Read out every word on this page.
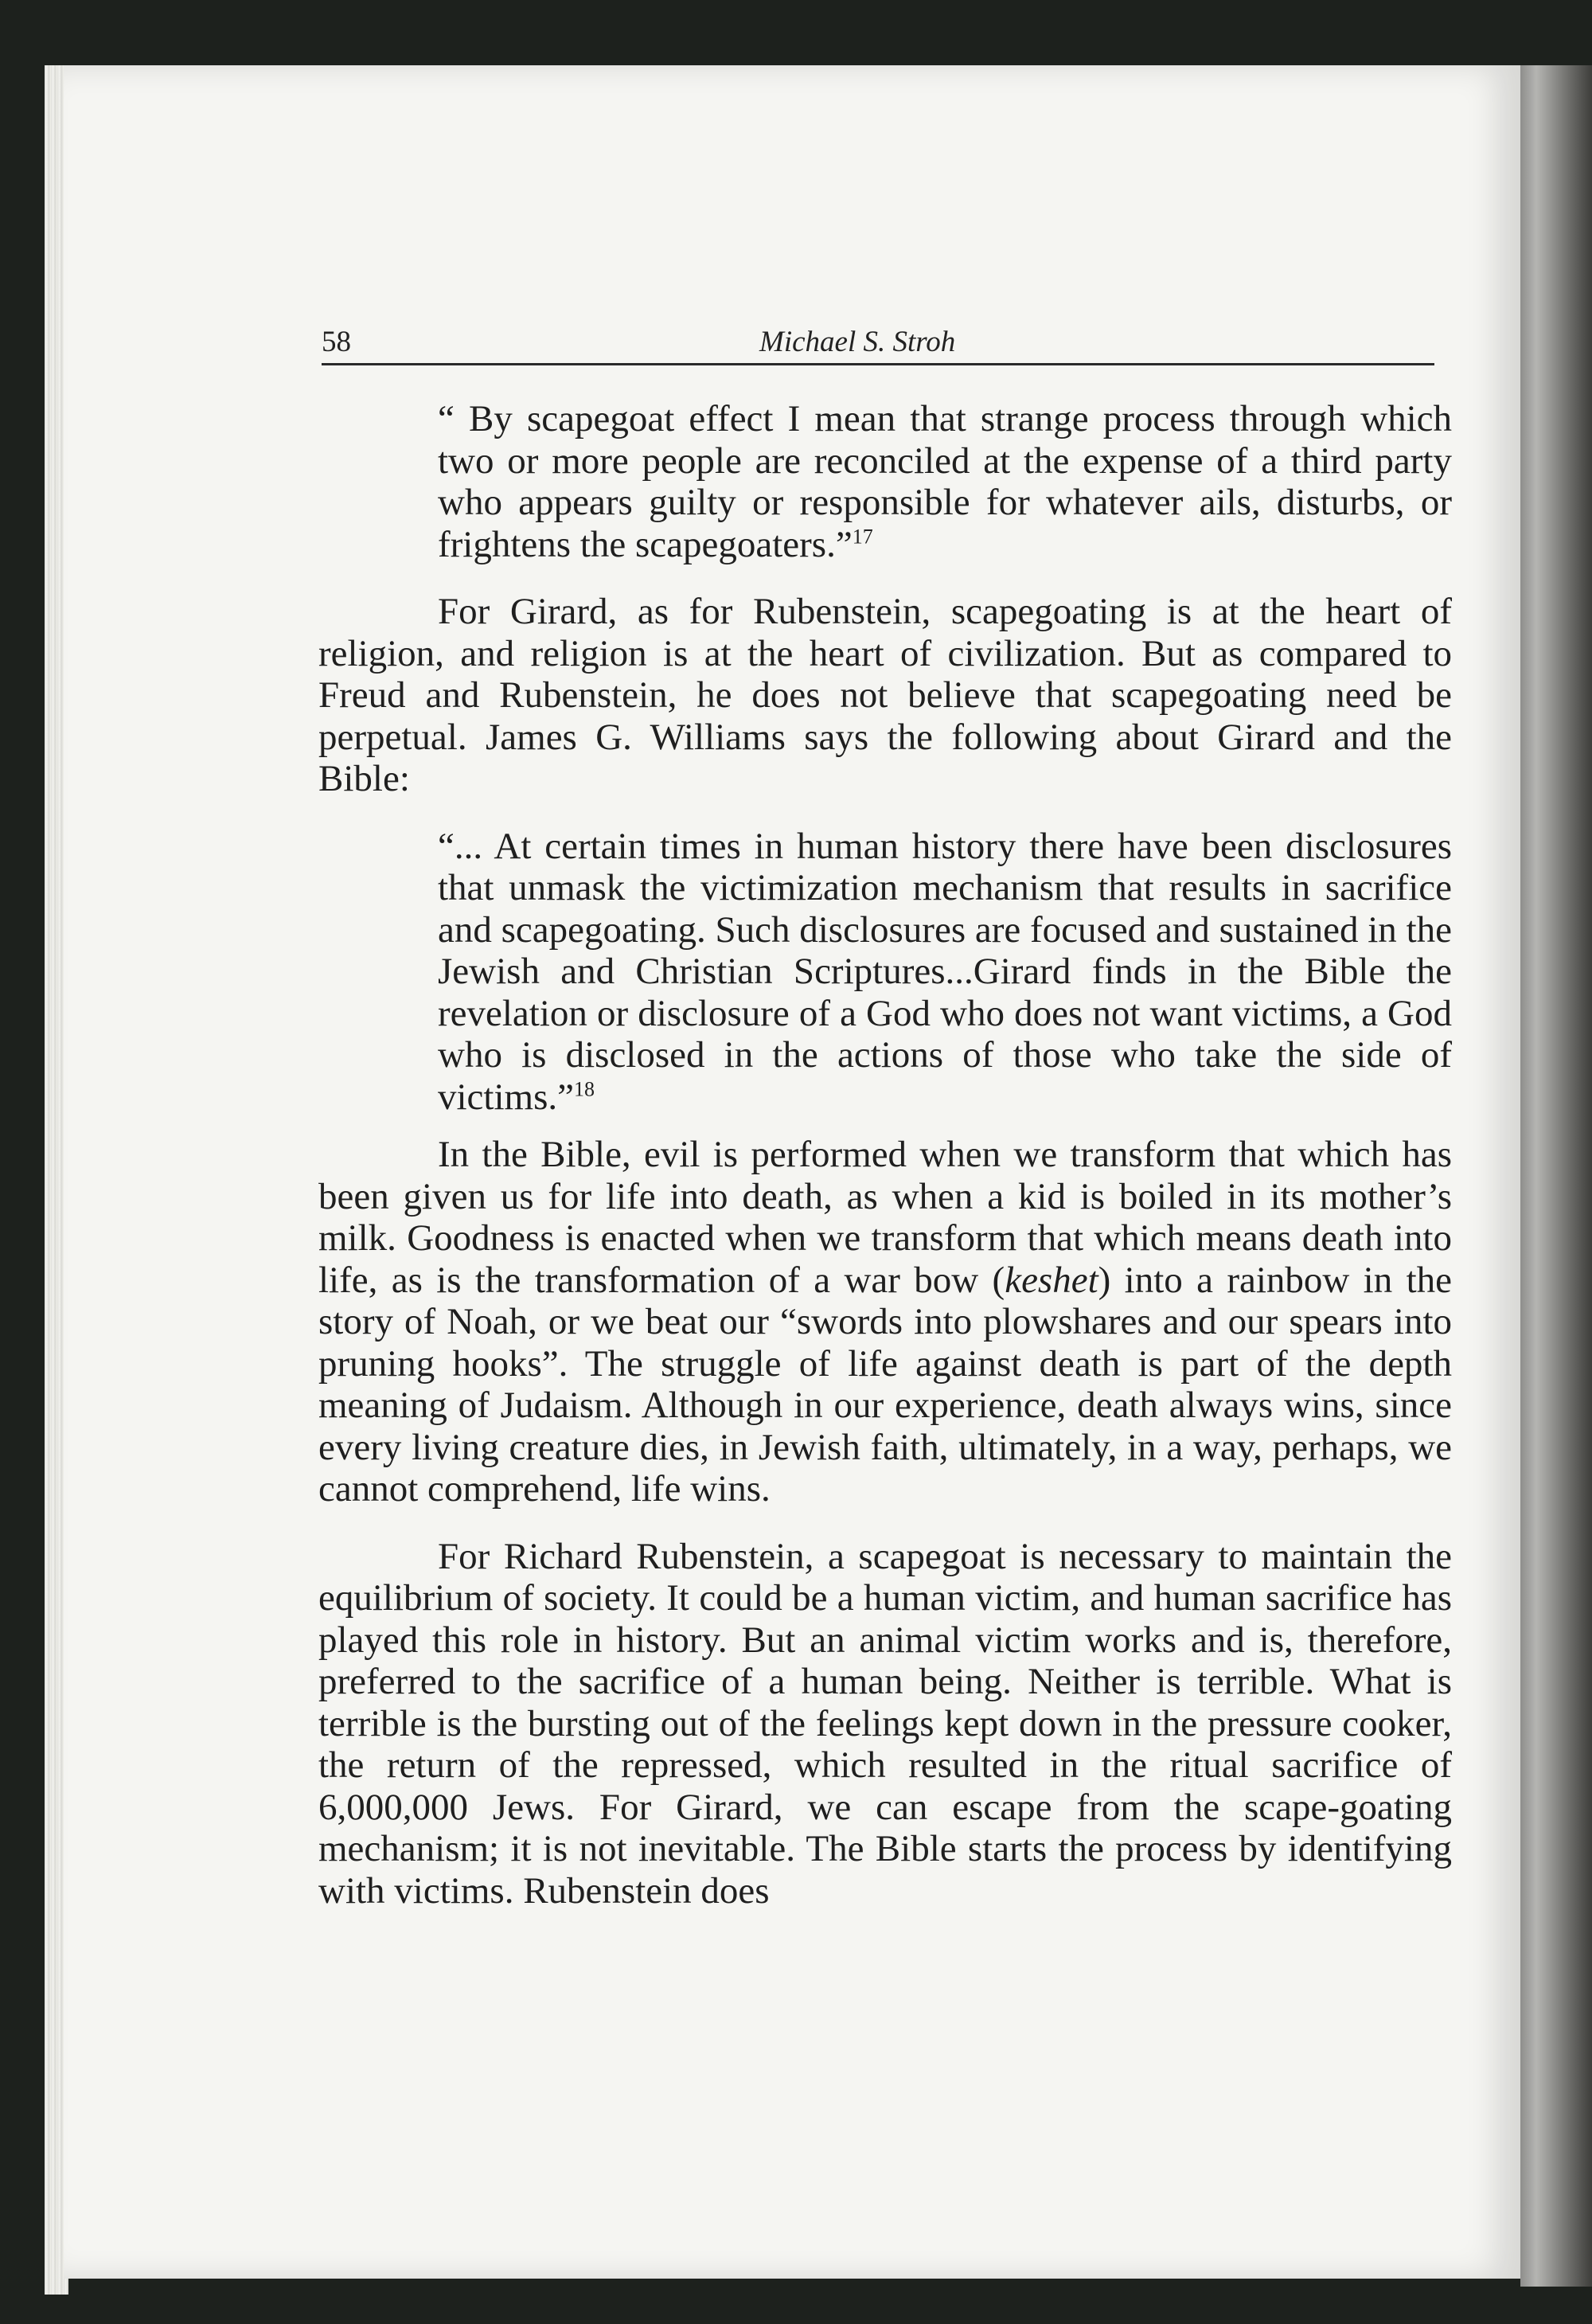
58	Michael S. Stroh

“ By scapegoat effect I mean that strange process through which two or more people are reconciled at the expense of a third party who appears guilty or responsible for whatever ails, disturbs, or frightens the scapegoaters.”$^{17}$

For Girard, as for Rubenstein, scapegoating is at the heart of religion, and religion is at the heart of civilization. But as compared to Freud and Rubenstein, he does not believe that scapegoating need be perpetual. James G. Williams says the following about Girard and the Bible:

“... At certain times in human history there have been disclosures that unmask the victimization mechanism that results in sacrifice and scapegoating. Such disclosures are focused and sustained in the Jewish and Christian Scriptures...Girard finds in the Bible the revelation or disclosure of a God who does not want victims, a God who is disclosed in the actions of those who take the side of victims.”$^{18}$

In the Bible, evil is performed when we transform that which has been given us for life into death, as when a kid is boiled in its mother’s milk. Goodness is enacted when we transform that which means death into life, as is the transformation of a war bow (keshet) into a rainbow in the story of Noah, or we beat our “swords into plowshares and our spears into pruning hooks”. The struggle of life against death is part of the depth meaning of Judaism. Although in our experience, death always wins, since every living creature dies, in Jewish faith, ultimately, in a way, perhaps, we cannot comprehend, life wins.

For Richard Rubenstein, a scapegoat is necessary to maintain the equilibrium of society. It could be a human victim, and human sacrifice has played this role in history. But an animal victim works and is, therefore, preferred to the sacrifice of a human being. Neither is terrible. What is terrible is the bursting out of the feelings kept down in the pressure cooker, the return of the repressed, which resulted in the ritual sacrifice of 6,000,000 Jews. For Girard, we can escape from the scape-goating mechanism; it is not inevitable. The Bible starts the process by identifying with victims. Rubenstein does
